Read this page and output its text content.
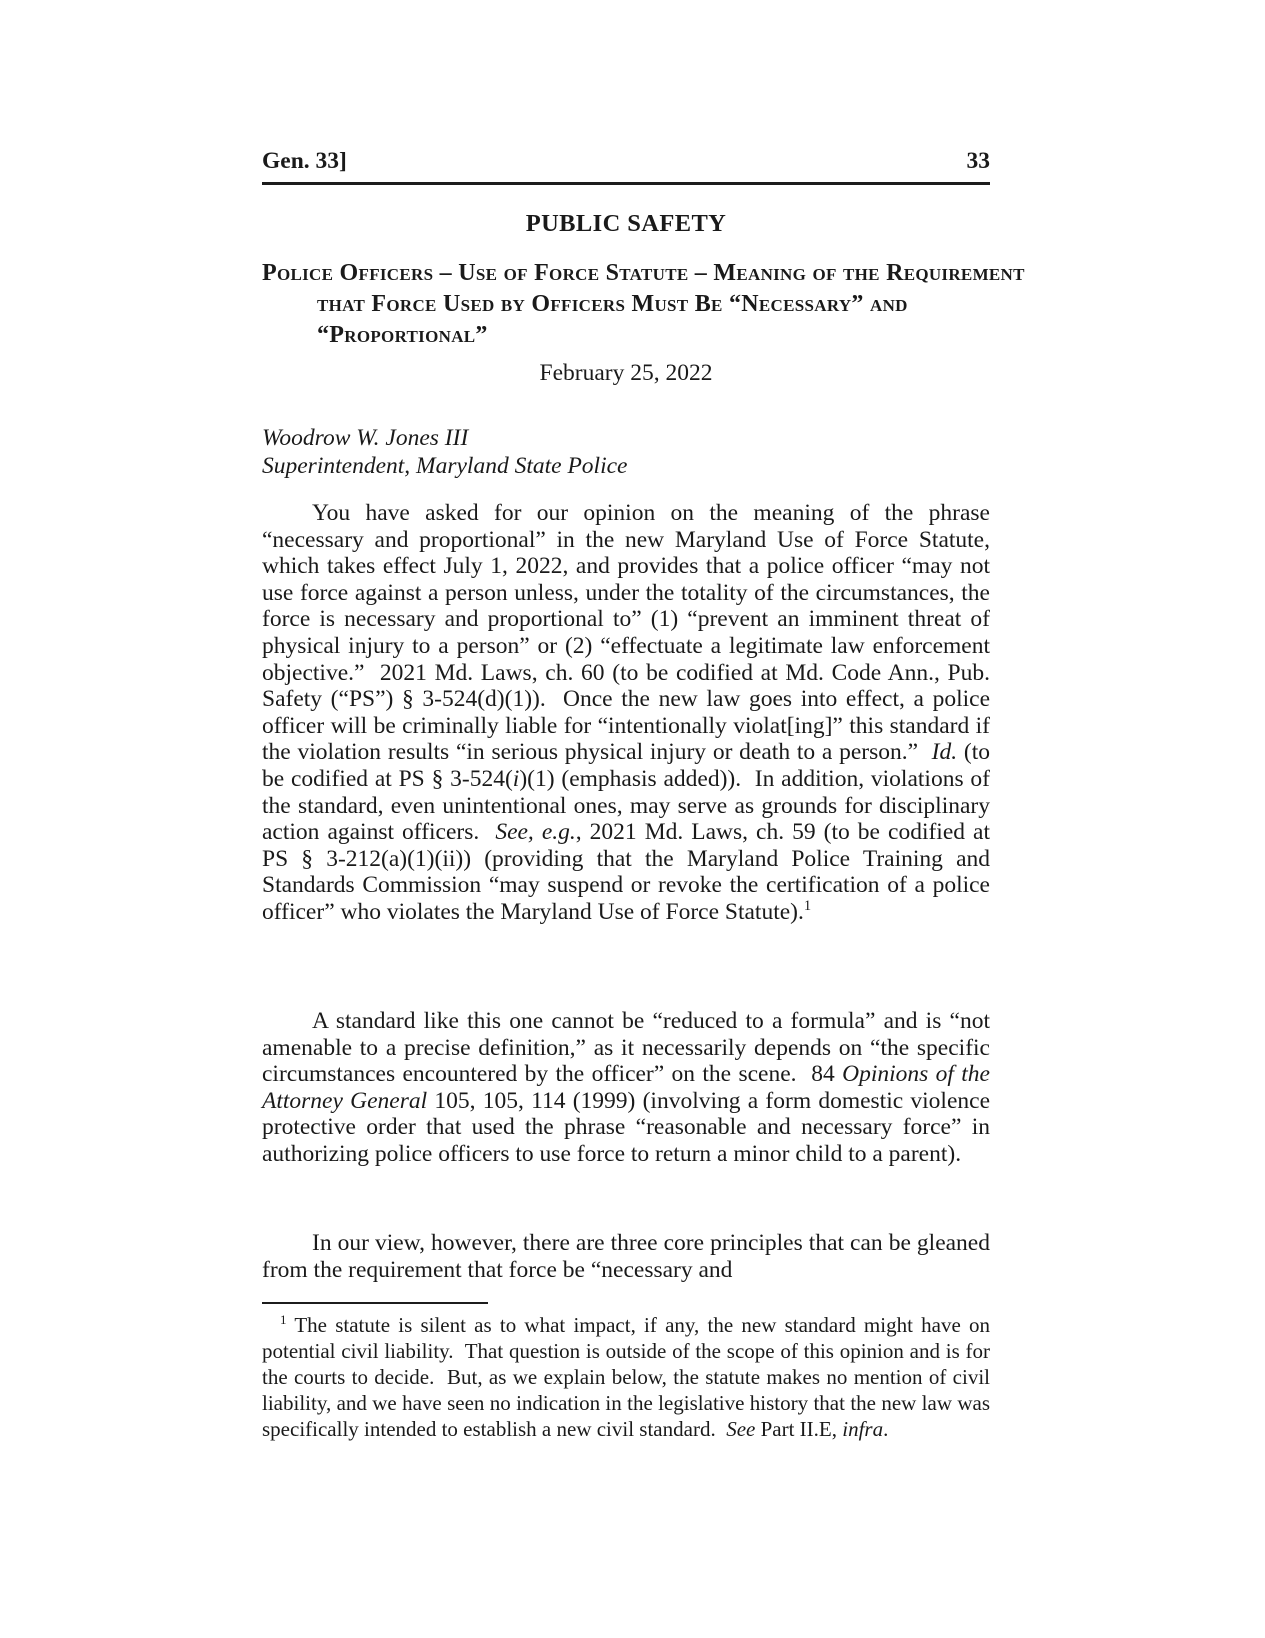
Gen. 33]	33
PUBLIC SAFETY
Police Officers – Use of Force Statute – Meaning of the Requirement that Force Used by Officers Must Be “Necessary” and “Proportional”
February 25, 2022
Woodrow W. Jones III
Superintendent, Maryland State Police

You have asked for our opinion on the meaning of the phrase “necessary and proportional” in the new Maryland Use of Force Statute, which takes effect July 1, 2022, and provides that a police officer “may not use force against a person unless, under the totality of the circumstances, the force is necessary and proportional to” (1) “prevent an imminent threat of physical injury to a person” or (2) “effectuate a legitimate law enforcement objective.”  2021 Md. Laws, ch. 60 (to be codified at Md. Code Ann., Pub. Safety (“PS”) § 3-524(d)(1)).  Once the new law goes into effect, a police officer will be criminally liable for “intentionally violat[ing]” this standard if the violation results “in serious physical injury or death to a person.”  Id. (to be codified at PS § 3-524(i)(1) (emphasis added)).  In addition, violations of the standard, even unintentional ones, may serve as grounds for disciplinary action against officers.  See, e.g., 2021 Md. Laws, ch. 59 (to be codified at PS § 3-212(a)(1)(ii)) (providing that the Maryland Police Training and Standards Commission “may suspend or revoke the certification of a police officer” who violates the Maryland Use of Force Statute).$^1$

A standard like this one cannot be “reduced to a formula” and is “not amenable to a precise definition,” as it necessarily depends on “the specific circumstances encountered by the officer” on the scene.  84 Opinions of the Attorney General 105, 105, 114 (1999) (involving a form domestic violence protective order that used the phrase “reasonable and necessary force” in authorizing police officers to use force to return a minor child to a parent).

In our view, however, there are three core principles that can be gleaned from the requirement that force be “necessary and

$^1$ The statute is silent as to what impact, if any, the new standard might have on potential civil liability.  That question is outside of the scope of this opinion and is for the courts to decide.  But, as we explain below, the statute makes no mention of civil liability, and we have seen no indication in the legislative history that the new law was specifically intended to establish a new civil standard.  See Part II.E, infra.
